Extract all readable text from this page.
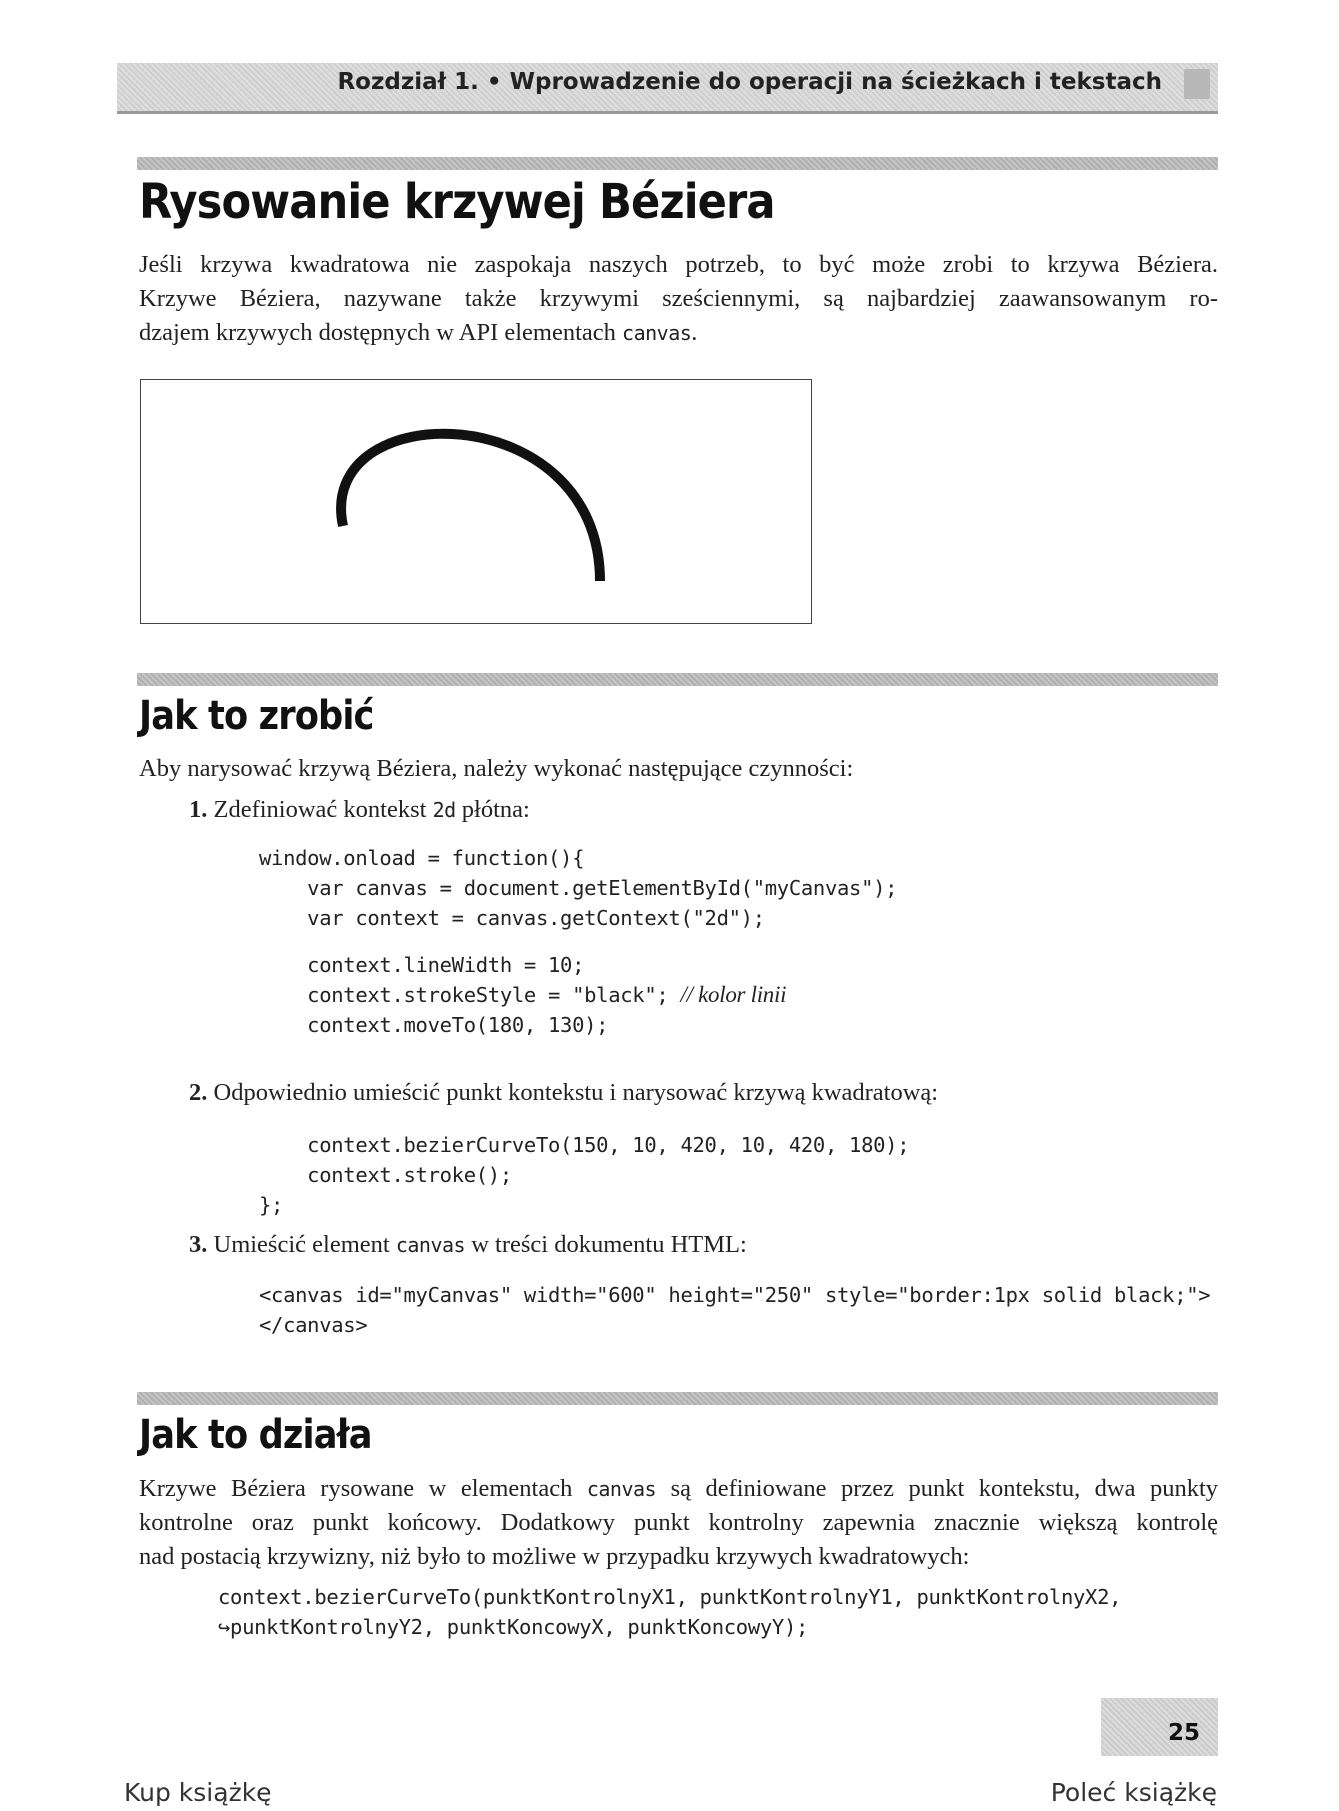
Rozdział 1. • Wprowadzenie do operacji na ścieżkach i tekstach
Rysowanie krzywej Béziera
Jeśli krzywa kwadratowa nie zaspokaja naszych potrzeb, to być może zrobi to krzywa Béziera.
Krzywe Béziera, nazywane także krzywymi sześciennymi, są najbardziej zaawansowanym ro-
dzajem krzywych dostępnych w API elementach canvas.
Jak to zrobić
Aby narysować krzywą Béziera, należy wykonać następujące czynności:
1. Zdefiniować kontekst 2d płótna:
window.onload = function(){
var canvas = document.getElementById("myCanvas");
var context = canvas.getContext("2d");
context.lineWidth = 10;
context.strokeStyle = "black"; // kolor linii
context.moveTo(180, 130);
2. Odpowiednio umieścić punkt kontekstu i narysować krzywą kwadratową:
context.bezierCurveTo(150, 10, 420, 10, 420, 180);
context.stroke();
};
3. Umieścić element canvas w treści dokumentu HTML:
<canvas id="myCanvas" width="600" height="250" style="border:1px solid black;">
</canvas>
Jak to działa
Krzywe Béziera rysowane w elementach canvas są definiowane przez punkt kontekstu, dwa punkty
kontrolne oraz punkt końcowy. Dodatkowy punkt kontrolny zapewnia znacznie większą kontrolę
nad postacią krzywizny, niż było to możliwe w przypadku krzywych kwadratowych:
context.bezierCurveTo(punktKontrolnyX1, punktKontrolnyY1, punktKontrolnyX2,
↪punktKontrolnyY2, punktKoncowyX, punktKoncowyY);
25
Kup książkę	Poleć książkę
